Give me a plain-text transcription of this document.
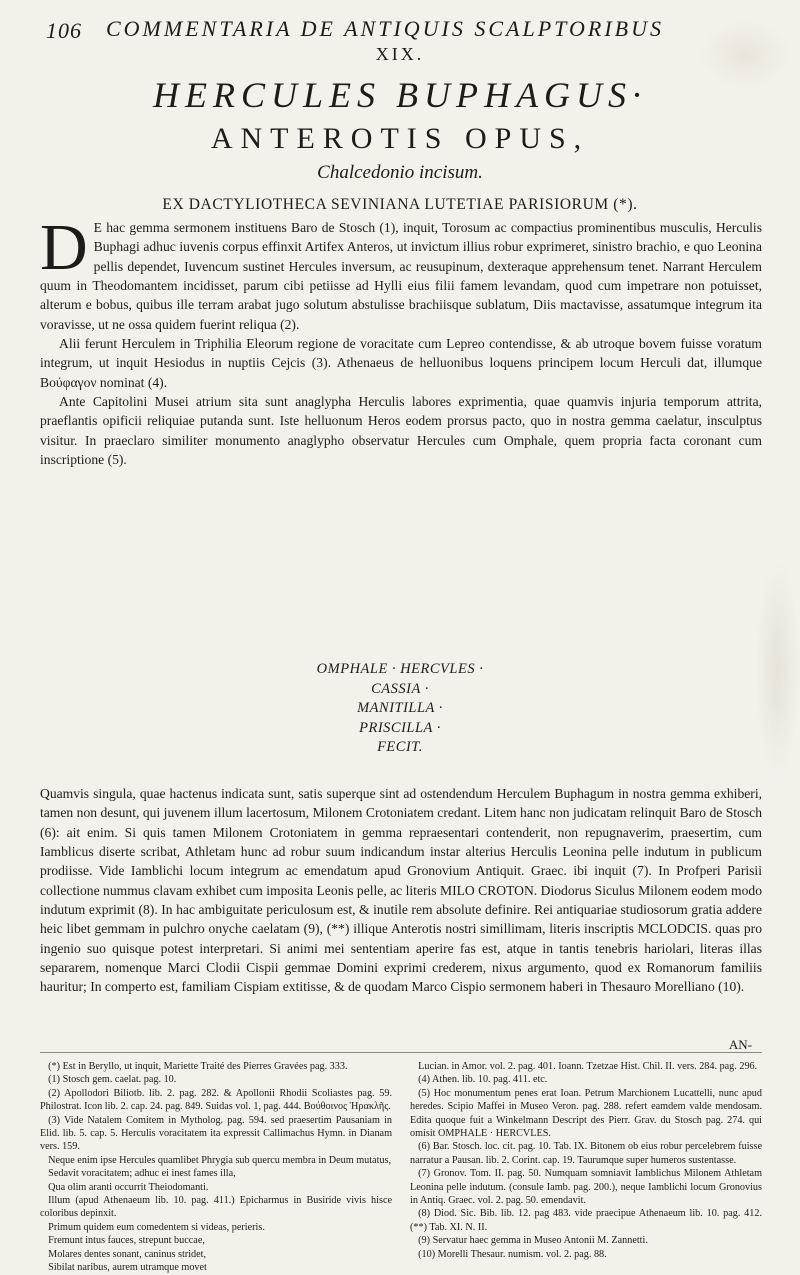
106 COMMENTARIA DE ANTIQUIS SCALPTORIBUS
XIX.
HERCULES BUPHAGUS·
ANTEROTIS OPUS,
Chalcedonio incisum.
EX DACTYLIOTHECA SEVINIANA LUTETIAE PARISIORUM (*).

D E hac gemma sermonem instituens Baro de Stosch (1), inquit, Torosum ac compactius prominentibus musculis, Herculis Buphagi adhuc iuvenis corpus effinxit Artifex Anteros, ut invictum illius robur exprimeret, sinistro brachio, e quo Leonina pellis dependet, Iuvencum sustinet Hercules inversum, ac reusupinum, dexteraque apprehensum tenet. Narrant Herculem quum in Theodomantem incidisset, parum cibi petiisse ad Hylli eius filii famem levandam, quod cum impetrare non potuisset, alterum e bobus, quibus ille terram arabat jugo solutum abstulisse brachiisque sublatum, Diis mactavisse, assatumque integrum ita voravisse, ut ne ossa quidem fuerint reliqua (2).

Alii ferunt Herculem in Triphilia Eleorum regione de voracitate cum Lepreo contendisse, & ab utroque bovem fuisse voratum integrum, ut inquit Hesiodus in nuptiis Cejcis (3). Athenaeus de helluonibus loquens principem locum Herculi dat, illumque Βούφαγον nominat (4).

Ante Capitolini Musei atrium sita sunt anaglypha Herculis labores exprimentia, quae quamvis injuria temporum attrita, praeflantis opificii reliquiae putanda sunt. Iste helluonum Heros eodem prorsus pacto, quo in nostra gemma caelatur, insculptus visitur. In praeclaro similiter monumento anaglypho observatur Hercules cum Omphale, quem propria facta coronant cum inscriptione (5).

OMPHALE · HERCVLES ·
CASSIA ·
MANITILLA ·
PRISCILLA ·
FECIT.

Quamvis singula, quae hactenus indicata sunt, satis superque sint ad ostendendum Herculem Buphagum in nostra gemma exhiberi, tamen non desunt, qui juvenem illum lacertosum, Milonem Crotoniatem credant. Litem hanc non judicatam relinquit Baro de Stosch (6): ait enim. Si quis tamen Milonem Crotoniatem in gemma repraesentari contenderit, non repugnaverim, praesertim, cum Iamblicus diserte scribat, Athletam hunc ad robur suum indicandum instar alterius Herculis Leonina pelle indutum in publicum prodiisse. Vide Iamblichi locum integrum ac emendatum apud Gronovium Antiquit. Graec. ibi inquit (7). In Profperi Parisii collectione nummus clavam exhibet cum imposita Leonis pelle, ac literis MILO CROTON. Diodorus Siculus Milonem eodem modo indutum exprimit (8). In hac ambiguitate periculosum est, & inutile rem absolute definire. Rei antiquariae studiosorum gratia addere heic libet gemmam in pulchro onyche caelatam (9), (**) illique Anterotis nostri simillimam, literis inscriptis MCLODCIS. quas pro ingenio suo quisque potest interpretari. Si animi mei sententiam aperire fas est, atque in tantis tenebris hariolari, literas illas separarem, nomenque Marci Clodii Cispii gemmae Domini exprimi crederem, nixus argumento, quod ex Romanorum familiis hauritur; In comperto est, familiam Cispiam extitisse, & de quodam Marco Cispio sermonem haberi in Thesauro Morelliano (10).

AN-

(*) Est in Beryllo, ut inquit, Mariette Traité des Pierres Gravées pag. 333.

(1) Stosch gem. caelat. pag. 10.

(2) Apollodori Biliotb. lib. 2. pag. 282. & Apollonii Rhodii Scoliastes pag. 59. Philostrat. Icon lib. 2. cap. 24. pag. 849. Suidas vol. 1, pag. 444. Βούθοινος Ἡρακλῆς.

(3) Vide Natalem Comitem in Mytholog. pag. 594. sed praesertim Pausaniam in Elid. lib. 5. cap. 5. Herculis voracitatem ita expressit Callimachus Hymn. in Dianam vers. 159.

Neque enim ipse Hercules quamlibet Phrygia sub quercu membra in Deum mutatus,

Sedavit voracitatem; adhuc ei inest fames illa,

Qua olim aranti occurrit Theiodomanti.

Illum (apud Athenaeum lib. 10. pag. 411.) Epicharmus in Busiride vivis hisce coloribus depinxit.

Primum quidem eum comedentem si videas, perieris.

Fremunt intus fauces, strepunt buccae,

Molares dentes sonant, caninus stridet,

Sibilat naribus, aurem utramque movet

Lucian. in Amor. vol. 2. pag. 401. Ioann. Tzetzae Hist. Chil. II. vers. 284. pag. 296.

(4) Athen. lib. 10. pag. 411. etc.

(5) Hoc monumentum penes erat Ioan. Petrum Marchionem Lucattelli, nunc apud heredes. Scipio Maffei in Museo Veron. pag. 288. refert eamdem valde mendosam. Edita quoque fuit a Winkelmann Descript des Pierr. Grav. du Stosch pag. 274. qui omisit OMPHALE · HERCVLES.

(6) Bar. Stosch. loc. cit. pag. 10. Tab. IX. Bitonem ob eius robur percelebrem fuisse narratur a Pausan. lib. 2. Corint. cap. 19. Taurumque super humeros sustentasse.

(7) Gronov. Tom. II. pag. 50. Numquam somniavit Iamblichus Milonem Athletam Leonina pelle indutum. (consule Iamb. pag. 200.), neque Iamblichi locum Gronovius in Antiq. Graec. vol. 2. pag. 50. emendavit.

(8) Diod. Sic. Bib. lib. 12. pag 483. vide praecipue Athenaeum lib. 10. pag. 412. (**) Tab. XI. N. II.

(9) Servatur haec gemma in Museo Antonii M. Zannetti.

(10) Morelli Thesaur. numism. vol. 2. pag. 88.
